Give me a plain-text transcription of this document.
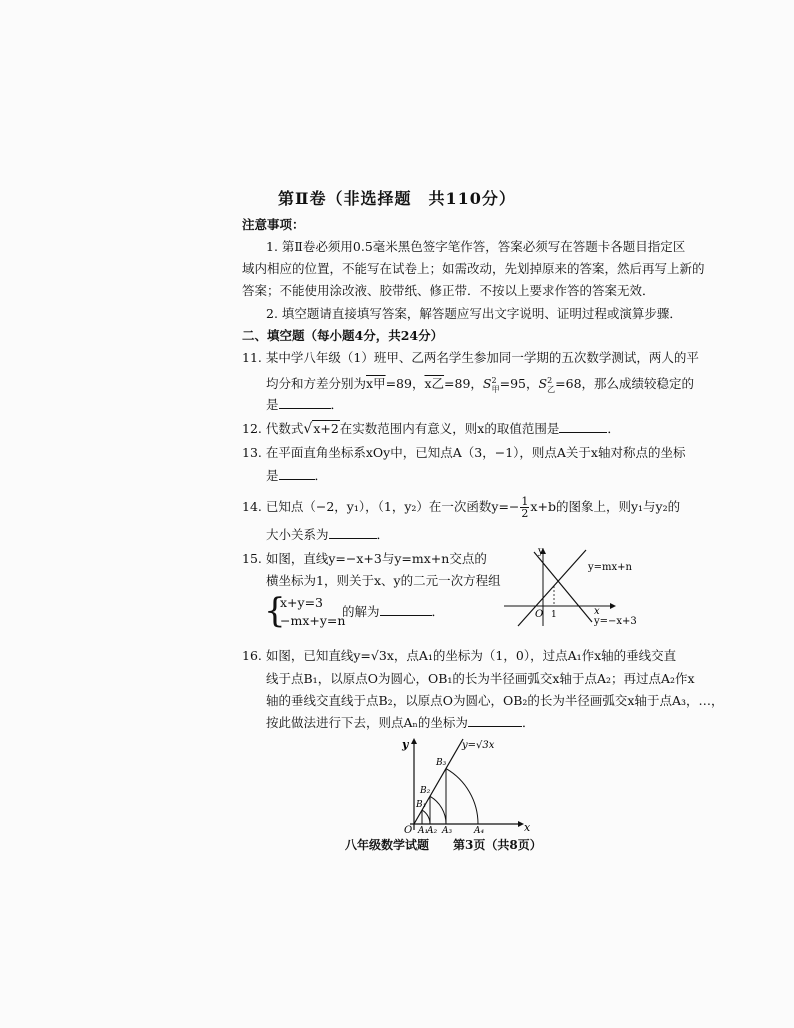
第Ⅱ卷（非选择题　共110分）
注意事项：
1. 第Ⅱ卷必须用0.5毫米黑色签字笔作答，答案必须写在答题卡各题目指定区
域内相应的位置，不能写在试卷上；如需改动，先划掉原来的答案，然后再写上新的
答案；不能使用涂改液、胶带纸、修正带．不按以上要求作答的答案无效．
2. 填空题请直接填写答案，解答题应写出文字说明、证明过程或演算步骤．
二、填空题（每小题4分，共24分）
11. 某中学八年级（1）班甲、乙两名学生参加同一学期的五次数学测试，两人的平
均分和方差分别为x甲=89，x乙=89，$S^2_甲=95$，$S^2_乙=68$，那么成绩较稳定的
是	．
12. 代数式√x+2在实数范围内有意义，则x的取值范围是	．
13. 在平面直角坐标系xOy中，已知点A（3，−1），则点A关于x轴对称点的坐标
是	．
14. 已知点（−2，y₁），（1，y₂）在一次函数$y=- \frac{1}{2} x+b$的图象上，则y₁与y₂的
大小关系为	．
15. 如图，直线y=−x+3与y=mx+n交点的
横坐标为1，则关于x、y的二元一次方程组
{
x+y=3
−mx+y=n
的解为	．
y
x
O 1
y=mx+n
y=−x+3
16. 如图，已知直线y=√3x，点A₁的坐标为（1，0），过点A₁作x轴的垂线交直
线于点B₁，以原点O为圆心，OB₁的长为半径画弧交x轴于点A₂；再过点A₂作x
轴的垂线交直线于点B₂，以原点O为圆心，OB₂的长为半径画弧交x轴于点A₃，…，
按此做法进行下去，则点Aₙ的坐标为	．
y
x
O A₁
A₂ A₃ A₄
B₁
B₂
B₃
y=√3x
八年级数学试题　　第3页（共8页）
